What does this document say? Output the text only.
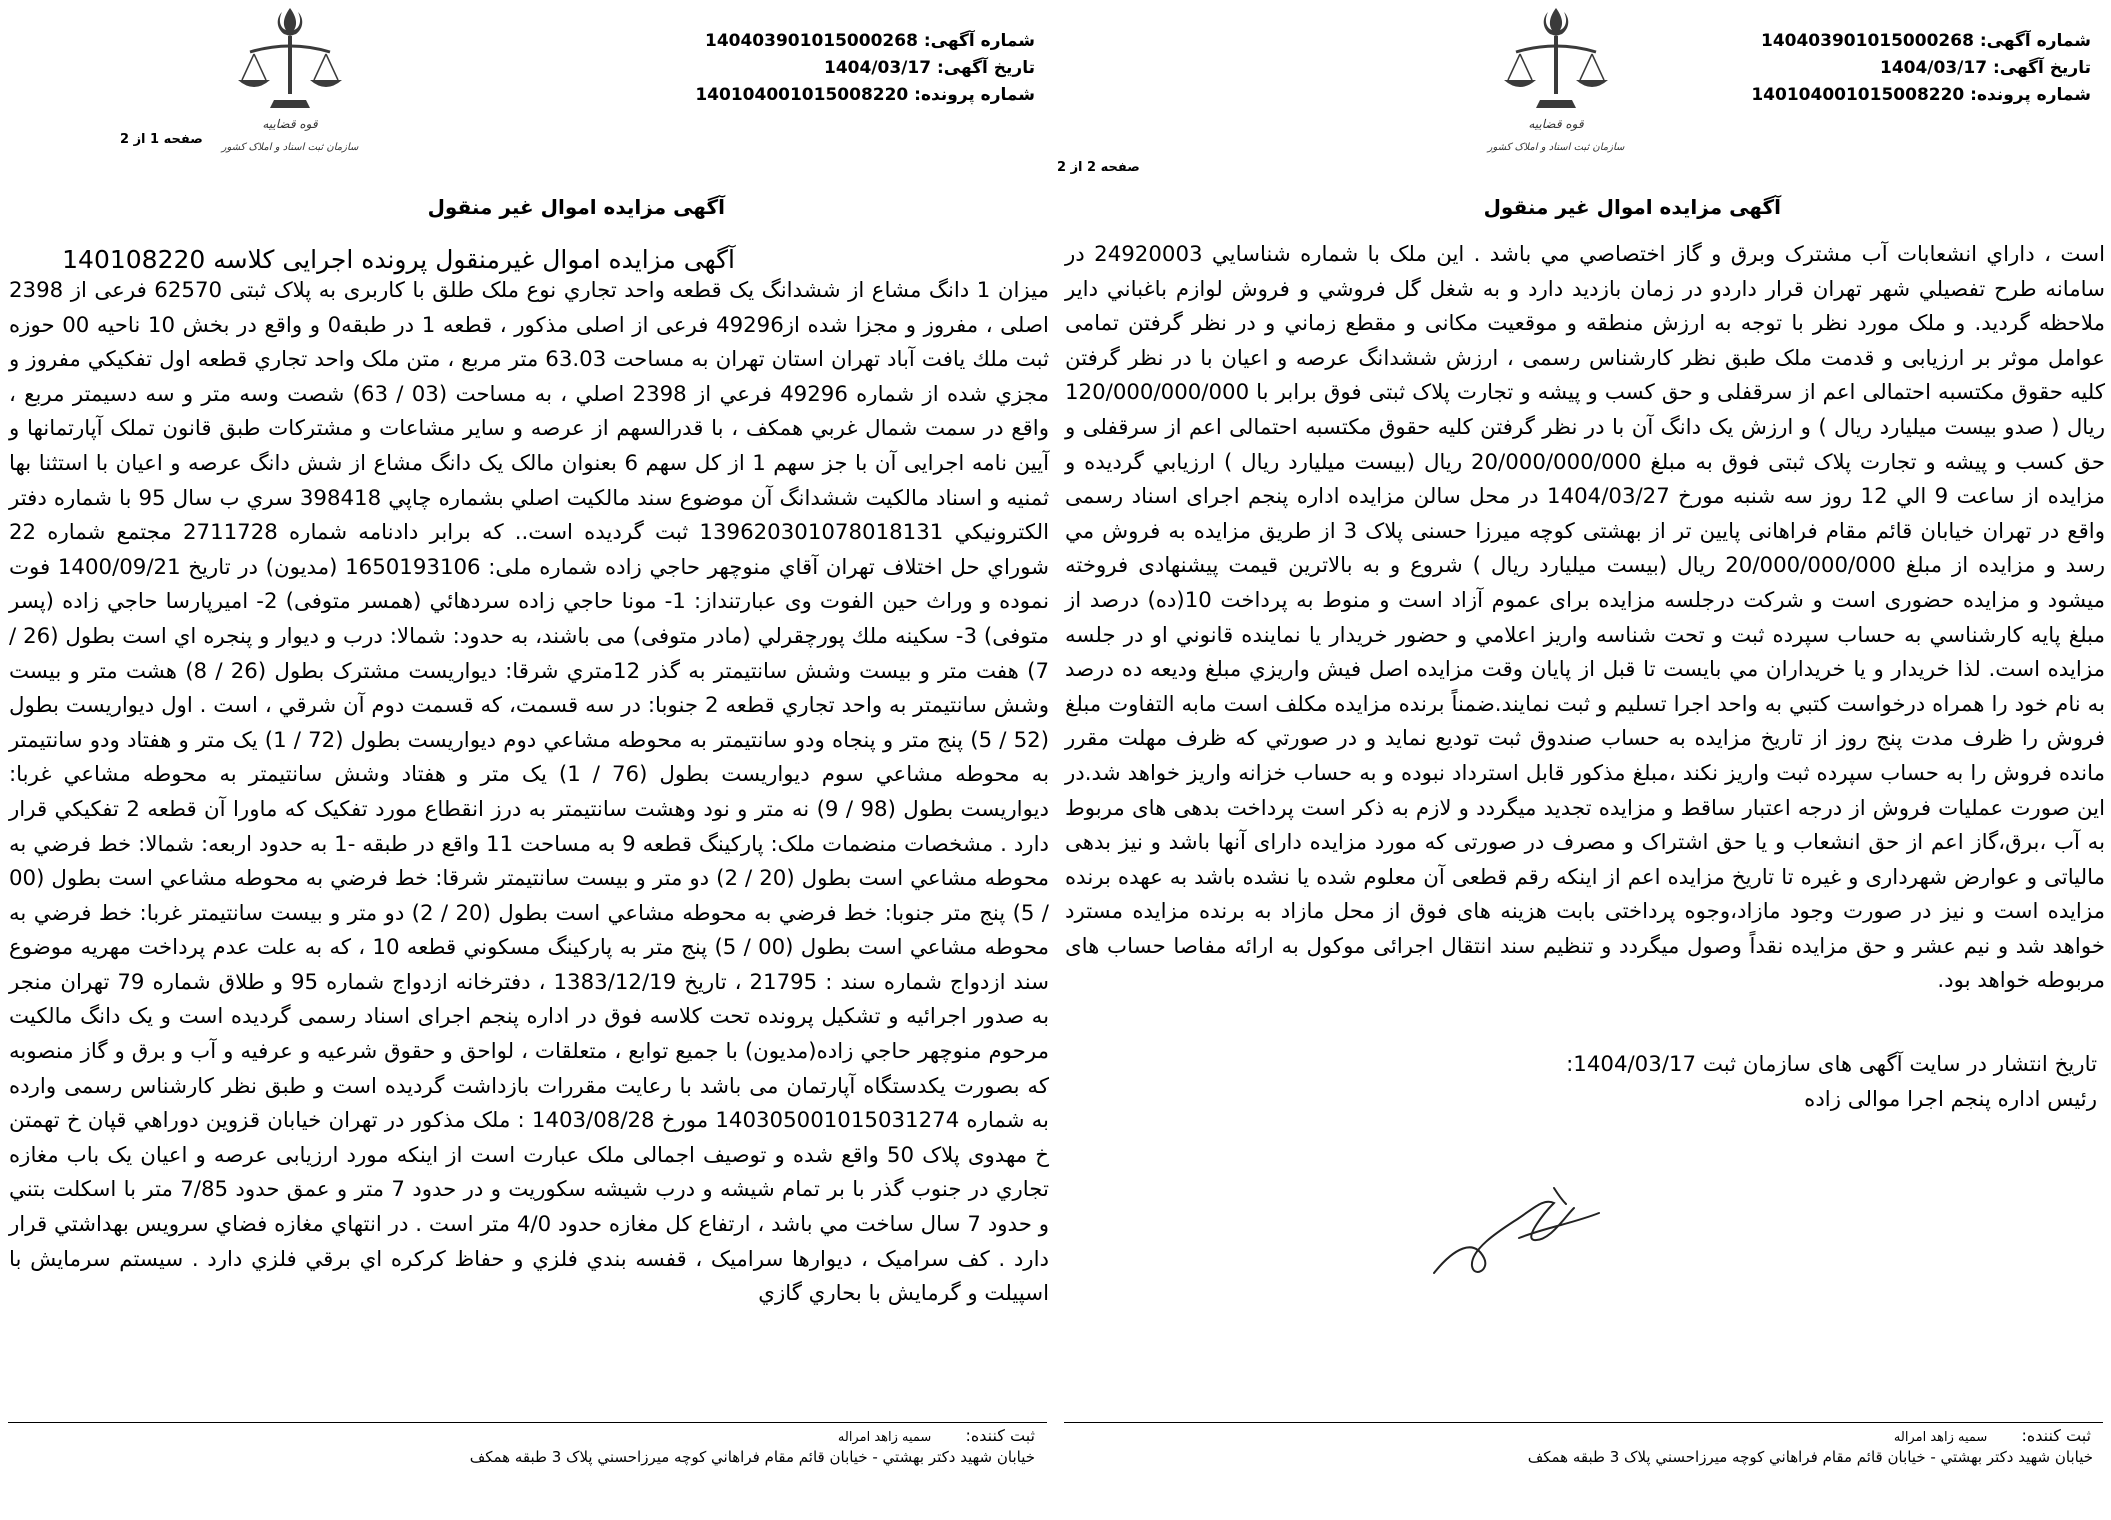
شماره آگهی: 140403901015000268
تاریخ آگهی: 1404/03/17
شماره پرونده: 140104001015008220
قوه قضاییه
سازمان ثبت اسناد و املاک کشور
صفحه 1 از 2
آگهی مزایده اموال غیر منقول
آگهی مزایده اموال غیرمنقول پرونده اجرایی کلاسه 140108220
میزان 1 دانگ مشاع از ششدانگ یک قطعه واحد تجاري نوع ملک طلق با کاربری به پلاک ثبتی 62570 فرعی از 2398 اصلی ، مفروز و مجزا شده از49296 فرعی از اصلی مذکور ، قطعه 1 در طبقه0 و واقع در بخش 10 ناحیه 00 حوزه ثبت ملك یافت آباد تهران استان تهران به مساحت 63.03 متر مربع ، متن ملک واحد تجاري قطعه اول تفکیکي مفروز و مجزي شده از شماره 49296 فرعي از 2398 اصلي ، به مساحت (03 / 63) شصت وسه متر و سه دسیمتر مربع ، واقع در سمت شمال غربي همکف ، با قدرالسهم از عرصه و سایر مشاعات و مشترکات طبق قانون تملک آپارتمانها و آیین نامه اجرایی آن با جز سهم 1 از کل سهم 6 بعنوان مالک یک دانگ مشاع از شش دانگ عرصه و اعیان با استثنا بها ثمنیه و اسناد مالکیت ششدانگ آن موضوع سند مالکیت اصلي بشماره چاپي 398418 سري ب سال 95 با شماره دفتر الکترونیکي 139620301078018131 ثبت گردیده است.. که برابر دادنامه شماره 2711728 مجتمع شماره 22 شوراي حل اختلاف تهران آقاي منوچهر حاجي زاده شماره ملی: 1650193106 (مدیون) در تاریخ 1400/09/21 فوت نموده و وراث حین الفوت وی عبارتنداز: 1- مونا حاجي زاده سردهائي (همسر متوفی) 2- امیرپارسا حاجي زاده (پسر متوفی) 3- سکینه ملك پورچقرلي (مادر متوفی) می باشند، به حدود: شمالا: درب و دیوار و پنجره اي است بطول (26 / 7) هفت متر و بیست وشش سانتیمتر به گذر 12متري شرقا: دیواریست مشترک بطول (26 / 8) هشت متر و بیست وشش سانتیمتر به واحد تجاري قطعه 2 جنوبا: در سه قسمت، که قسمت دوم آن شرقي ، است . اول دیواریست بطول (52 / 5) پنج متر و پنجاه ودو سانتیمتر به محوطه مشاعي دوم دیواریست بطول (72 / 1) یک متر و هفتاد ودو سانتیمتر به محوطه مشاعي سوم دیواریست بطول (76 / 1) یک متر و هفتاد وشش سانتیمتر به محوطه مشاعي غربا: دیواریست بطول (98 / 9) نه متر و نود وهشت سانتیمتر به درز انقطاع مورد تفکیک که ماورا آن قطعه 2 تفکیکي قرار دارد . مشخصات منضمات ملک: پارکینگ قطعه 9 به مساحت 11 واقع در طبقه -1 به حدود اربعه: شمالا: خط فرضي به محوطه مشاعي است بطول (20 / 2) دو متر و بیست سانتیمتر شرقا: خط فرضي به محوطه مشاعي است بطول (00 / 5) پنج متر جنوبا: خط فرضي به محوطه مشاعي است بطول (20 / 2) دو متر و بیست سانتیمتر غربا: خط فرضي به محوطه مشاعي است بطول (00 / 5) پنج متر به پارکینگ مسکوني قطعه 10 ، که به علت عدم پرداخت مهریه موضوع سند ازدواج شماره سند : 21795 ، تاریخ 1383/12/19 ، دفترخانه ازدواج شماره 95 و طلاق شماره 79 تهران منجر به صدور اجرائیه و تشکیل پرونده تحت کلاسه فوق در اداره پنجم اجرای اسناد رسمی گردیده است و یک دانگ مالکیت مرحوم منوچهر حاجي زاده(مدیون) با جمیع توابع ، متعلقات ، لواحق و حقوق شرعیه و عرفیه و آب و برق و گاز منصوبه که بصورت یکدستگاه آپارتمان می باشد با رعایت مقررات بازداشت گردیده است و طبق نظر کارشناس رسمی وارده به شماره 140305001015031274 مورخ 1403/08/28 : ملک مذکور در تهران خیابان قزوین دوراهي قپان خ تهمتن خ مهدوی پلاک 50 واقع شده و توصیف اجمالی ملک عبارت است از اینکه مورد ارزیابی عرصه و اعیان یک باب مغازه تجاري در جنوب گذر با بر تمام شیشه و درب شیشه سکوریت و در حدود 7 متر و عمق حدود 7/85 متر با اسکلت بتني و حدود 7 سال ساخت مي باشد ، ارتفاع کل مغازه حدود 4/0 متر است . در انتهاي مغازه فضاي سرویس بهداشتي قرار دارد . کف سرامیک ، دیوارها سرامیک ، قفسه بندي فلزي و حفاظ کرکره اي برقي فلزي دارد . سیستم سرمایش با اسپیلت و گرمایش با بحاري گازي
ثبت کننده: سمیه زاهد امراله
خیابان شهید دکتر بهشتي - خیابان قائم مقام فراهاني کوچه میرزاحسني پلاک 3 طبقه همکف
شماره آگهی: 140403901015000268
تاریخ آگهی: 1404/03/17
شماره پرونده: 140104001015008220
قوه قضاییه
سازمان ثبت اسناد و املاک کشور
صفحه 2 از 2
آگهی مزایده اموال غیر منقول
است ، داراي انشعابات آب مشترک وبرق و گاز اختصاصي مي باشد . این ملک با شماره شناسایي 24920003 در سامانه طرح تفصیلي شهر تهران قرار داردو در زمان بازدید دارد و به شغل گل فروشي و فروش لوازم باغباني دایر ملاحظه گردید. و ملک مورد نظر با توجه به ارزش منطقه و موقعیت مکانی و مقطع زماني و در نظر گرفتن تمامی عوامل موثر بر ارزیابی و قدمت ملک طبق نظر کارشناس رسمی ، ارزش ششدانگ عرصه و اعیان با در نظر گرفتن کلیه حقوق مکتسبه احتمالی اعم از سرقفلی و حق کسب و پیشه و تجارت پلاک ثبتی فوق برابر با 120/000/000/000 ریال ( صدو بیست میلیارد ریال ) و ارزش یک دانگ آن با در نظر گرفتن کلیه حقوق مکتسبه احتمالی اعم از سرقفلی و حق کسب و پیشه و تجارت پلاک ثبتی فوق به مبلغ 20/000/000/000 ریال (بیست میلیارد ریال ) ارزیابي گردیده و مزایده از ساعت 9 الي 12 روز سه شنبه مورخ 1404/03/27 در محل سالن مزایده اداره پنجم اجرای اسناد رسمی واقع در تهران خیابان قائم مقام فراهانی پایین تر از بهشتی کوچه میرزا حسنی پلاک 3 از طریق مزایده به فروش مي رسد و مزایده از مبلغ 20/000/000/000 ریال (بیست میلیارد ریال ) شروع و به بالاترین قیمت پیشنهادی فروخته میشود و مزایده حضوری است و شرکت درجلسه مزایده برای عموم آزاد است و منوط به پرداخت 10(ده) درصد از مبلغ پایه کارشناسي به حساب سپرده ثبت و تحت شناسه واریز اعلامي و حضور خریدار یا نماینده قانوني او در جلسه مزایده است. لذا خریدار و یا خریداران مي بایست تا قبل از پایان وقت مزایده اصل فیش واریزي مبلغ ودیعه ده درصد به نام خود را همراه درخواست کتبي به واحد اجرا تسلیم و ثبت نمایند.ضمناً برنده مزایده مکلف است مابه التفاوت مبلغ فروش را ظرف مدت پنج روز از تاریخ مزایده به حساب صندوق ثبت تودیع نماید و در صورتي که ظرف مهلت مقرر مانده فروش را به حساب سپرده ثبت واریز نکند ،مبلغ مذکور قابل استرداد نبوده و به حساب خزانه واریز خواهد شد.در این صورت عملیات فروش از درجه اعتبار ساقط و مزایده تجدید میگردد و لازم به ذکر است پرداخت بدهی های مربوط به آب ،برق،گاز اعم از حق انشعاب و یا حق اشتراک و مصرف در صورتی که مورد مزایده دارای آنها باشد و نیز بدهی مالیاتی و عوارض شهرداری و غیره تا تاریخ مزایده اعم از اینکه رقم قطعی آن معلوم شده یا نشده باشد به عهده برنده مزایده است و نیز در صورت وجود مازاد،وجوه پرداختی بابت هزینه های فوق از محل مازاد به برنده مزایده مسترد خواهد شد و نیم عشر و حق مزایده نقداً وصول میگردد و تنظیم سند انتقال اجرائی موکول به ارائه مفاصا حساب های مربوطه خواهد بود.
تاریخ انتشار در سایت آگهی های سازمان ثبت 1404/03/17:
رئیس اداره پنجم اجرا موالی زاده
ثبت کننده: سمیه زاهد امراله
خیابان شهید دکتر بهشتي - خیابان قائم مقام فراهاني کوچه میرزاحسني پلاک 3 طبقه همکف
